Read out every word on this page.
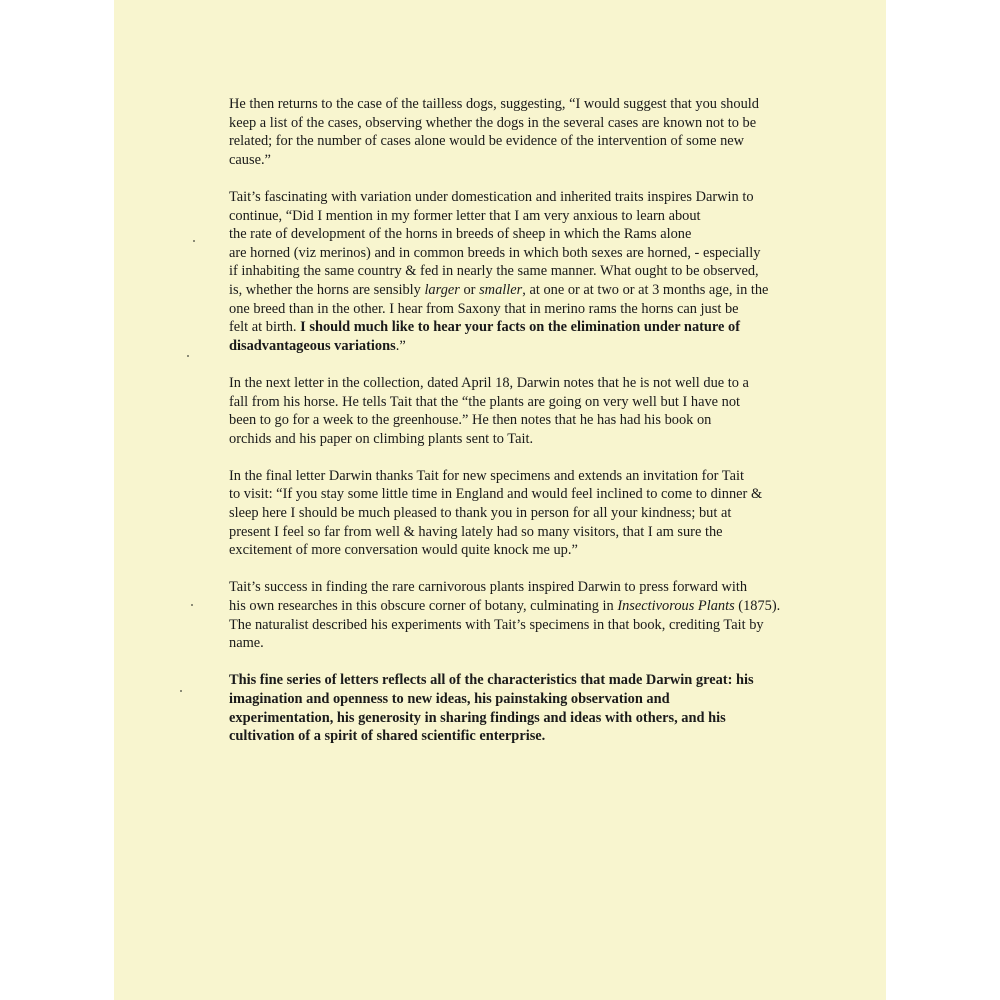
He then returns to the case of the tailless dogs, suggesting, “I would suggest that you should
keep a list of the cases, observing whether the dogs in the several cases are known not to be
related; for the number of cases alone would be evidence of the intervention of some new
cause.”

Tait’s fascinating with variation under domestication and inherited traits inspires Darwin to
continue, “Did I mention in my former letter that I am very anxious to learn about
the rate of development of the horns in breeds of sheep in which the Rams alone
are horned (viz merinos) and in common breeds in which both sexes are horned, - especially
if inhabiting the same country & fed in nearly the same manner. What ought to be observed,
is, whether the horns are sensibly larger or smaller, at one or at two or at 3 months age, in the
one breed than in the other. I hear from Saxony that in merino rams the horns can just be
felt at birth. I should much like to hear your facts on the elimination under nature of
disadvantageous variations.”

In the next letter in the collection, dated April 18, Darwin notes that he is not well due to a
fall from his horse. He tells Tait that the “the plants are going on very well but I have not
been to go for a week to the greenhouse.” He then notes that he has had his book on
orchids and his paper on climbing plants sent to Tait.

In the final letter Darwin thanks Tait for new specimens and extends an invitation for Tait
to visit: “If you stay some little time in England and would feel inclined to come to dinner &
sleep here I should be much pleased to thank you in person for all your kindness; but at
present I feel so far from well & having lately had so many visitors, that I am sure the
excitement of more conversation would quite knock me up.”

Tait’s success in finding the rare carnivorous plants inspired Darwin to press forward with
his own researches in this obscure corner of botany, culminating in Insectivorous Plants (1875).
The naturalist described his experiments with Tait’s specimens in that book, crediting Tait by
name.

This fine series of letters reflects all of the characteristics that made Darwin great: his
imagination and openness to new ideas, his painstaking observation and
experimentation, his generosity in sharing findings and ideas with others, and his
cultivation of a spirit of shared scientific enterprise.
